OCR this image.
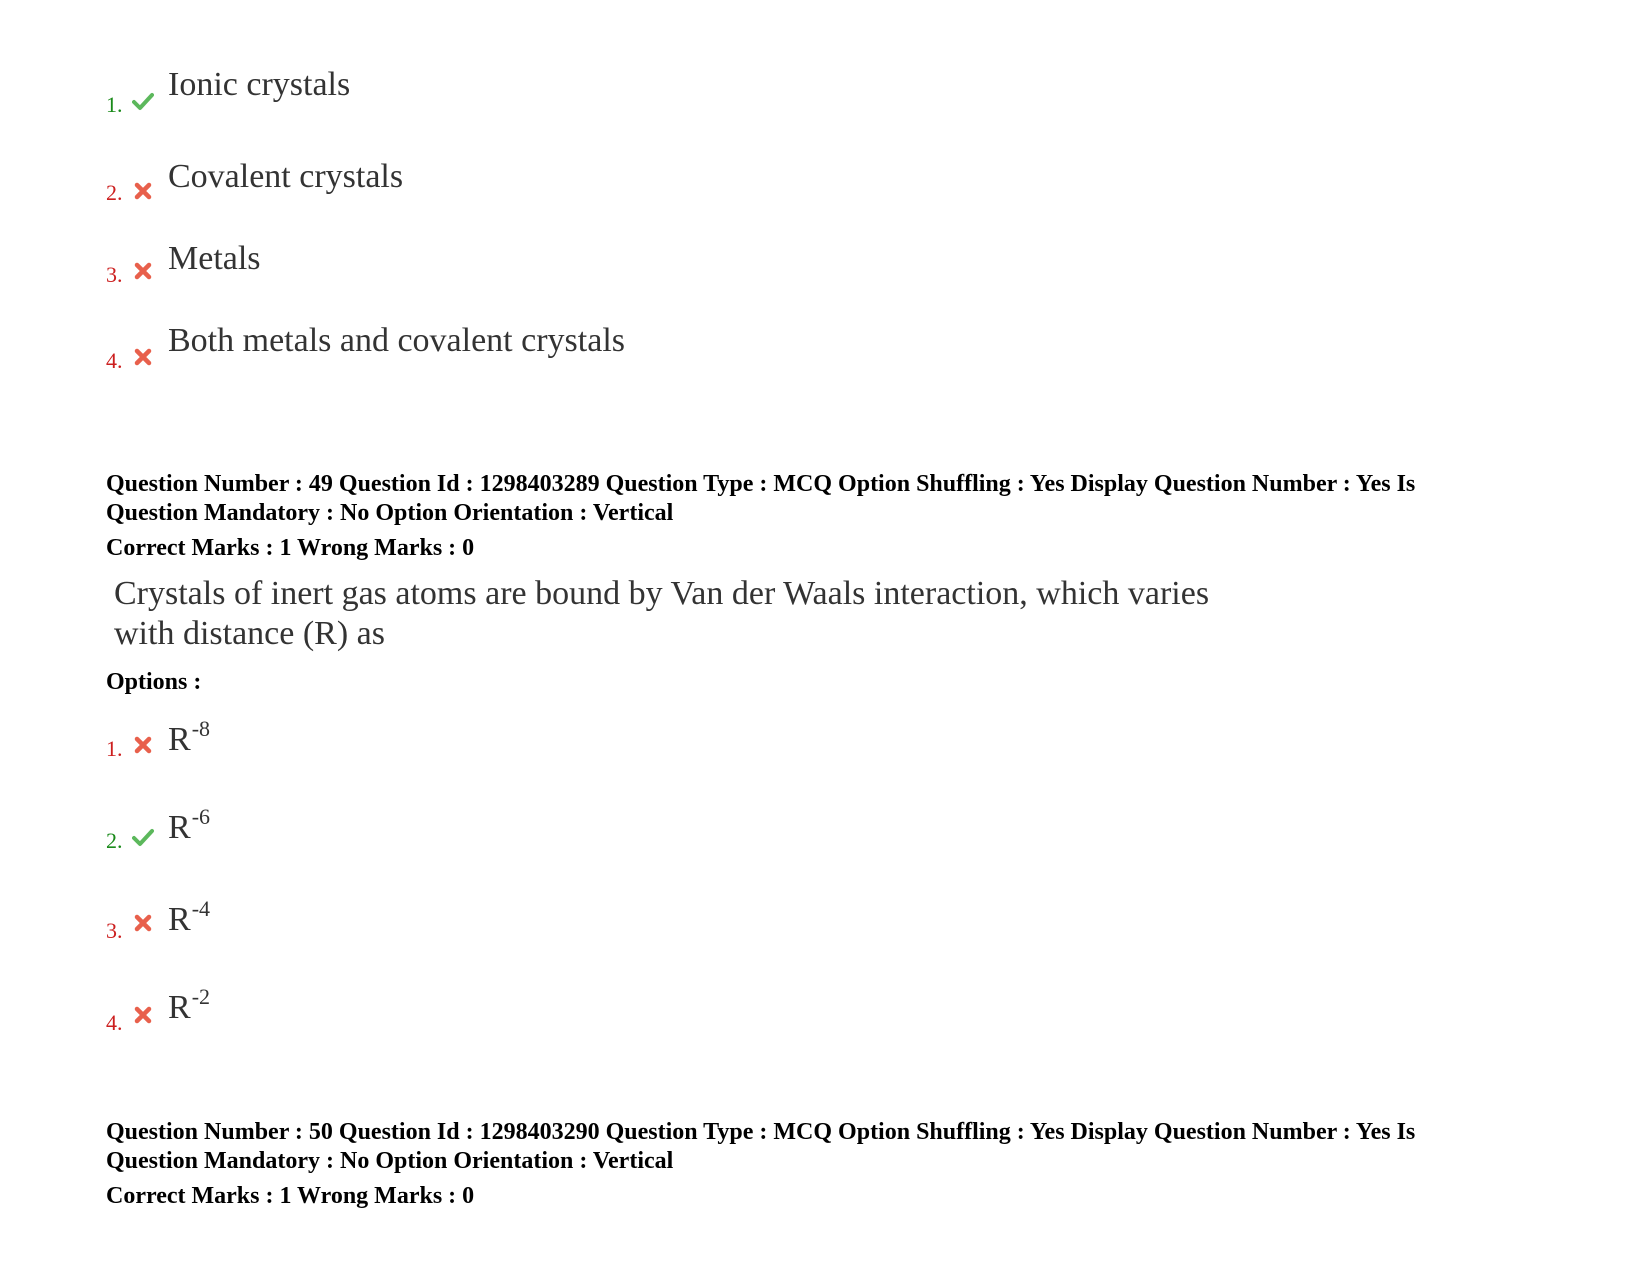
1.
Ionic crystals
2. Covalent crystals
3. Metals
4.
Both metals and covalent crystals
Question Number : 49 Question Id : 1298403289 Question Type : MCQ Option Shuffling : Yes Display Question Number : Yes Is
Question Mandatory : No Option Orientation : Vertical
Correct Marks : 1 Wrong Marks : 0
Crystals of inert gas atoms are bound by Van der Waals interaction, which varies
with distance (R) as
Options :
1. $R^{-8}$
2. $R^{-6}$
3. $R^{-4}$
4. $R^{-2}$
Question Number : 50 Question Id : 1298403290 Question Type : MCQ Option Shuffling : Yes Display Question Number : Yes Is
Question Mandatory : No Option Orientation : Vertical
Correct Marks : 1 Wrong Marks : 0
